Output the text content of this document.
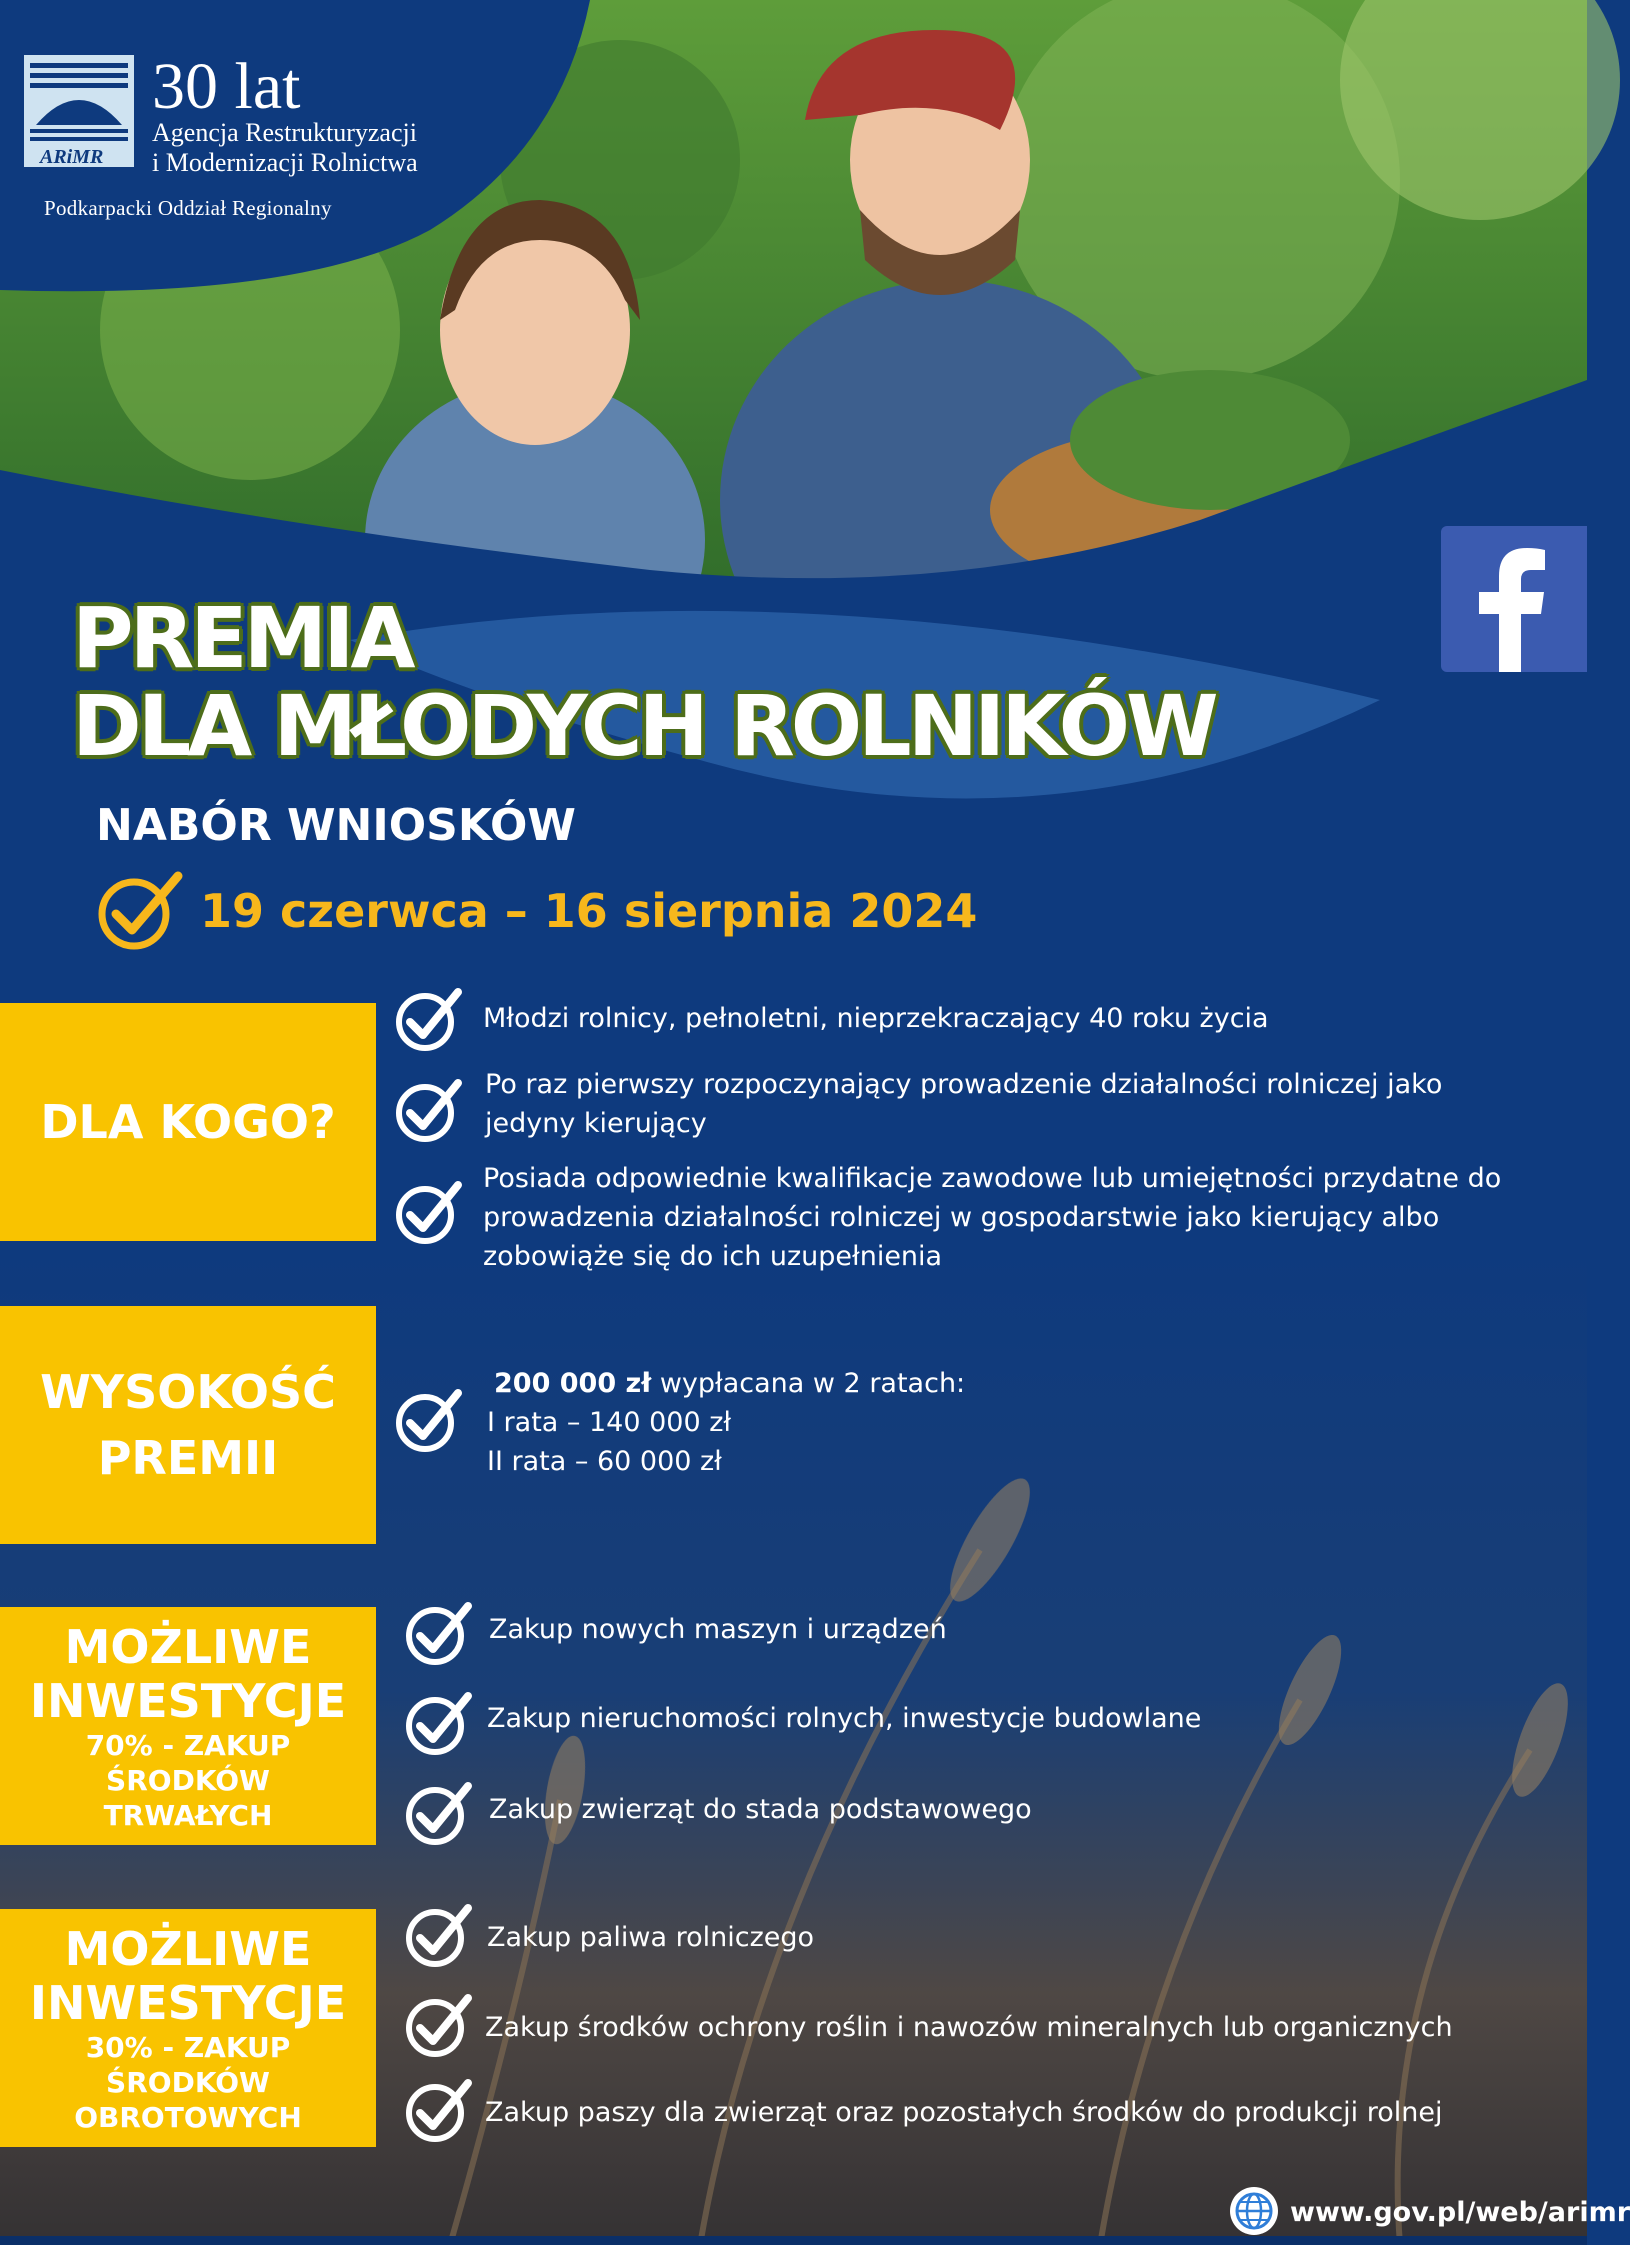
30 lat
Agencja Restrukturyzacji
i Modernizacji Rolnictwa
Podkarpacki Oddział Regionalny
ARiMR
PREMIA
DLA MŁODYCH ROLNIKÓW
NABÓR WNIOSKÓW
19 czerwca – 16 sierpnia 2024
DLA KOGO?
Młodzi rolnicy, pełnoletni, nieprzekraczający 40 roku życia
Po raz pierwszy rozpoczynający prowadzenie działalności rolniczej jako jedyny kierujący
Posiada odpowiednie kwalifikacje zawodowe lub umiejętności przydatne do prowadzenia działalności rolniczej w gospodarstwie jako kierujący albo zobowiąże się do ich uzupełnienia
WYSOKOŚĆ
PREMII
200 000 zł wypłacana w 2 ratach:
I rata – 140 000 zł
II rata – 60 000 zł
MOŻLIWE
INWESTYCJE
70% - ZAKUP
ŚRODKÓW
TRWAŁYCH
Zakup nowych maszyn i urządzeń
Zakup nieruchomości rolnych, inwestycje budowlane
Zakup zwierząt do stada podstawowego
MOŻLIWE
INWESTYCJE
30% - ZAKUP
ŚRODKÓW
OBROTOWYCH
Zakup paliwa rolniczego
Zakup środków ochrony roślin i nawozów mineralnych lub organicznych
Zakup paszy dla zwierząt oraz pozostałych środków do produkcji rolnej
www.gov.pl/web/arimr
